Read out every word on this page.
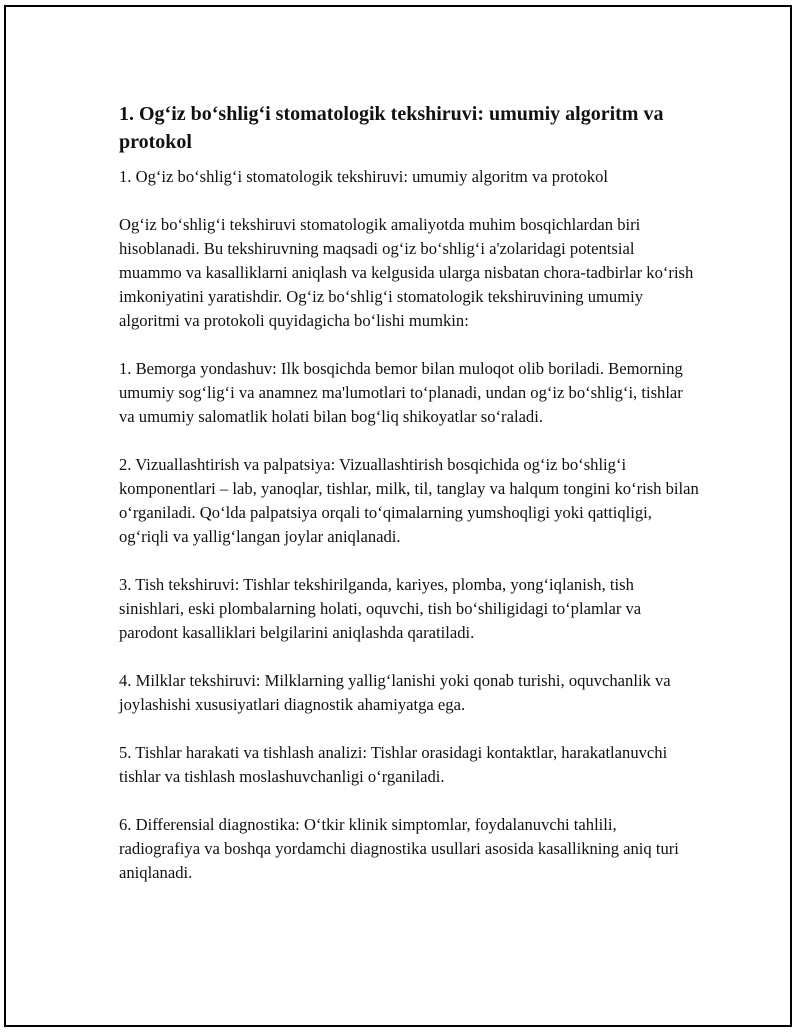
1. Og‘iz bo‘shlig‘i stomatologik tekshiruvi: umumiy algoritm va protokol

1. Og‘iz bo‘shlig‘i stomatologik tekshiruvi: umumiy algoritm va protokol

Og‘iz bo‘shlig‘i tekshiruvi stomatologik amaliyotda muhim bosqichlardan biri hisoblanadi. Bu tekshiruvning maqsadi og‘iz bo‘shlig‘i a'zolaridagi potentsial muammo va kasalliklarni aniqlash va kelgusida ularga nisbatan chora-tadbirlar ko‘rish imkoniyatini yaratishdir. Og‘iz bo‘shlig‘i stomatologik tekshiruvining umumiy algoritmi va protokoli quyidagicha bo‘lishi mumkin:

1. Bemorga yondashuv: Ilk bosqichda bemor bilan muloqot olib boriladi. Bemorning umumiy sog‘lig‘i va anamnez ma'lumotlari to‘planadi, undan og‘iz bo‘shlig‘i, tishlar va umumiy salomatlik holati bilan bog‘liq shikoyatlar so‘raladi.

2. Vizuallashtirish va palpatsiya: Vizuallashtirish bosqichida og‘iz bo‘shlig‘i komponentlari – lab, yanoqlar, tishlar, milk, til, tanglay va halqum tongini ko‘rish bilan o‘rganiladi. Qo‘lda palpatsiya orqali to‘qimalarning yumshoqligi yoki qattiqligi, og‘riqli va yallig‘langan joylar aniqlanadi.

3. Tish tekshiruvi: Tishlar tekshirilganda, kariyes, plomba, yong‘iqlanish, tish sinishlari, eski plombalarning holati, oquvchi, tish bo‘shiligidagi to‘plamlar va parodont kasalliklari belgilarini aniqlashda qaratiladi.

4. Milklar tekshiruvi: Milklarning yallig‘lanishi yoki qonab turishi, oquvchanlik va joylashishi xususiyatlari diagnostik ahamiyatga ega.

5. Tishlar harakati va tishlash analizi: Tishlar orasidagi kontaktlar, harakatlanuvchi tishlar va tishlash moslashuvchanligi o‘rganiladi.

6. Differensial diagnostika: O‘tkir klinik simptomlar, foydalanuvchi tahlili, radiografiya va boshqa yordamchi diagnostika usullari asosida kasallikning aniq turi aniqlanadi.
